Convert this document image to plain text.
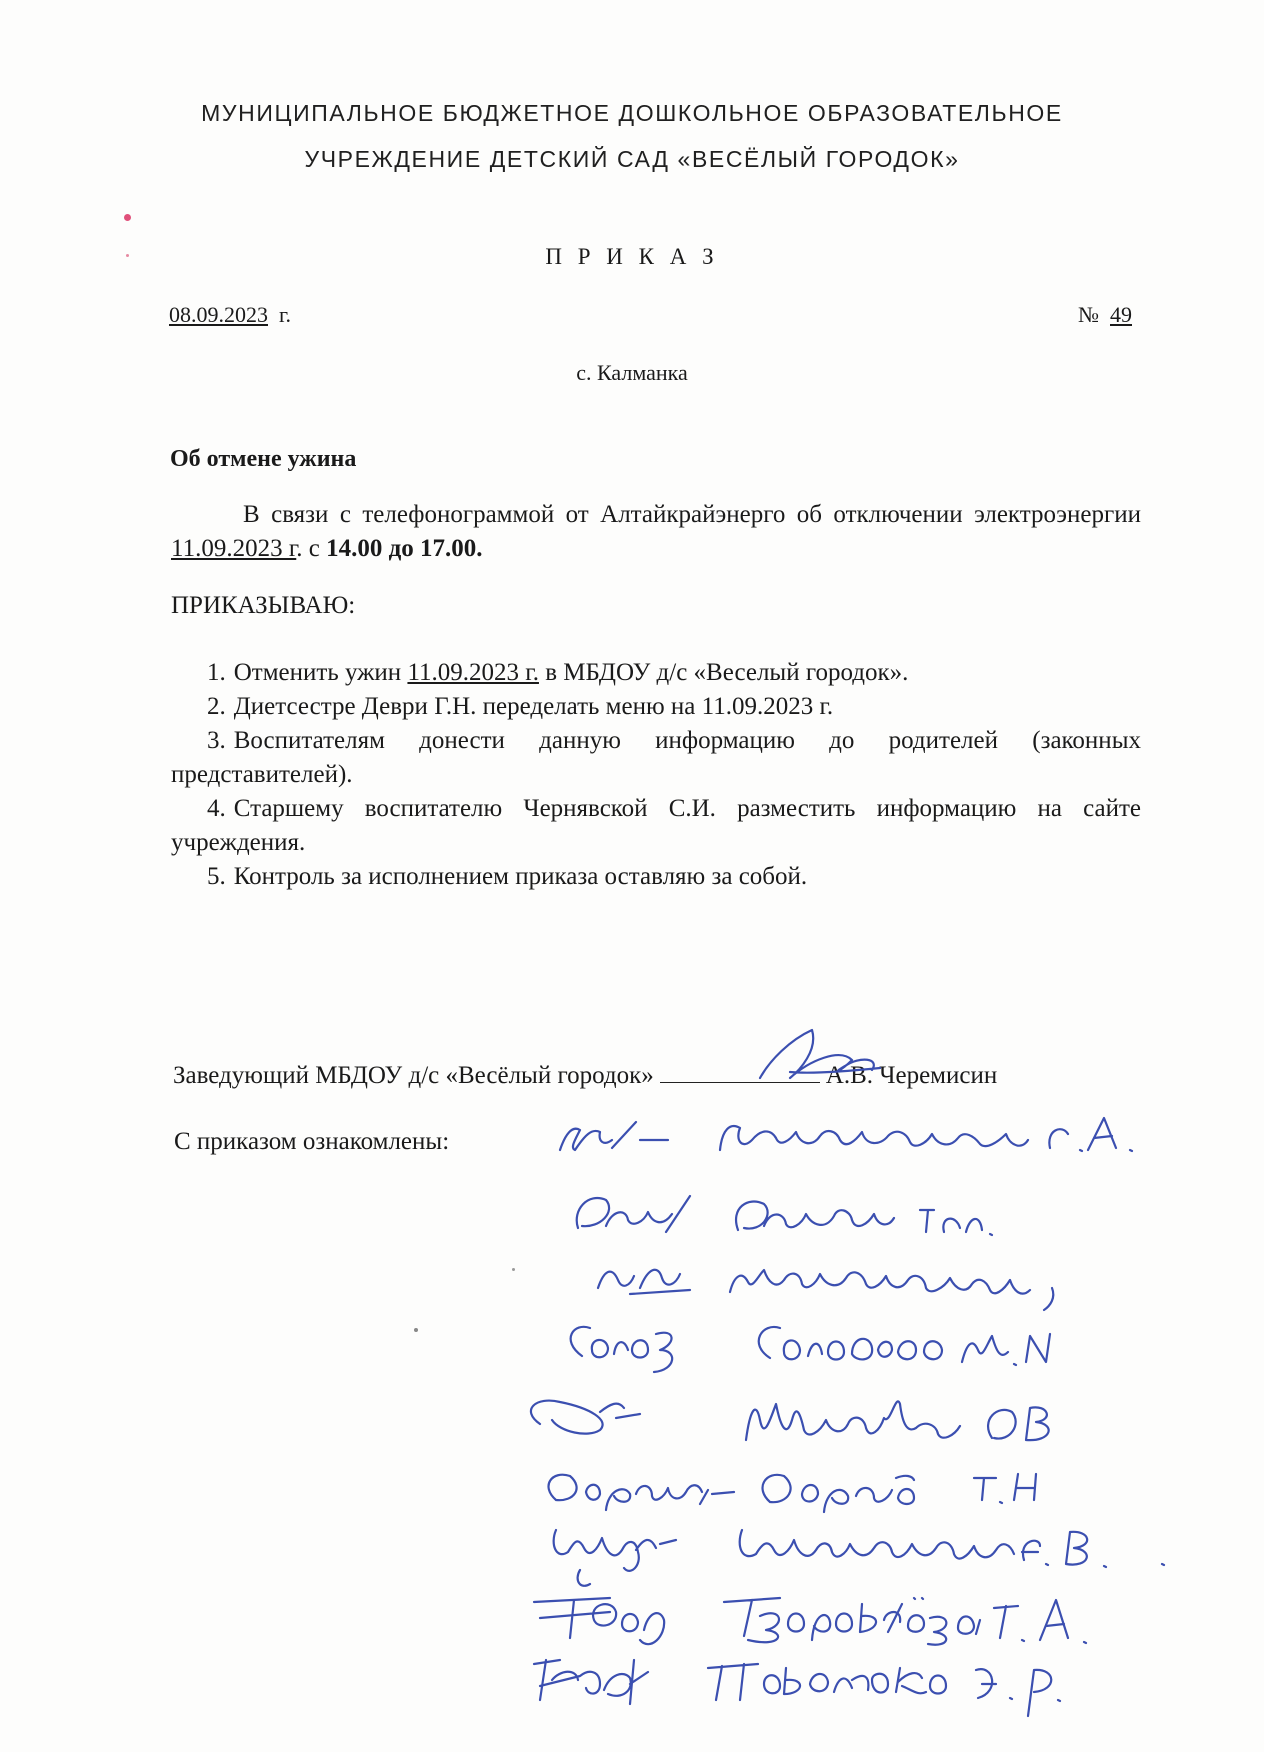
МУНИЦИПАЛЬНОЕ БЮДЖЕТНОЕ ДОШКОЛЬНОЕ ОБРАЗОВАТЕЛЬНОЕ
УЧРЕЖДЕНИЕ ДЕТСКИЙ САД «ВЕСЁЛЫЙ ГОРОДОК»
П Р И К А З
08.09.2023 г.	№ 49
с. Калманка
Об отмене ужина

В связи с телефонограммой от Алтайкрайэнерго об отключении электроэнергии 11.09.2023 г. с 14.00 до 17.00.

ПРИКАЗЫВАЮ:

1. Отменить ужин 11.09.2023 г. в МБДОУ д/с «Веселый городок».

2. Диетсестре Деври Г.Н. переделать меню на 11.09.2023 г.

3. Воспитателям донести данную информацию до родителей (законных представителей).

4. Старшему воспитателю Чернявской С.И. разместить информацию на сайте учреждения.

5. Контроль за исполнением приказа оставляю за собой.

Заведующий МБДОУ д/с «Весёлый городок»	А.В. Черемисин
С приказом ознакомлены:
